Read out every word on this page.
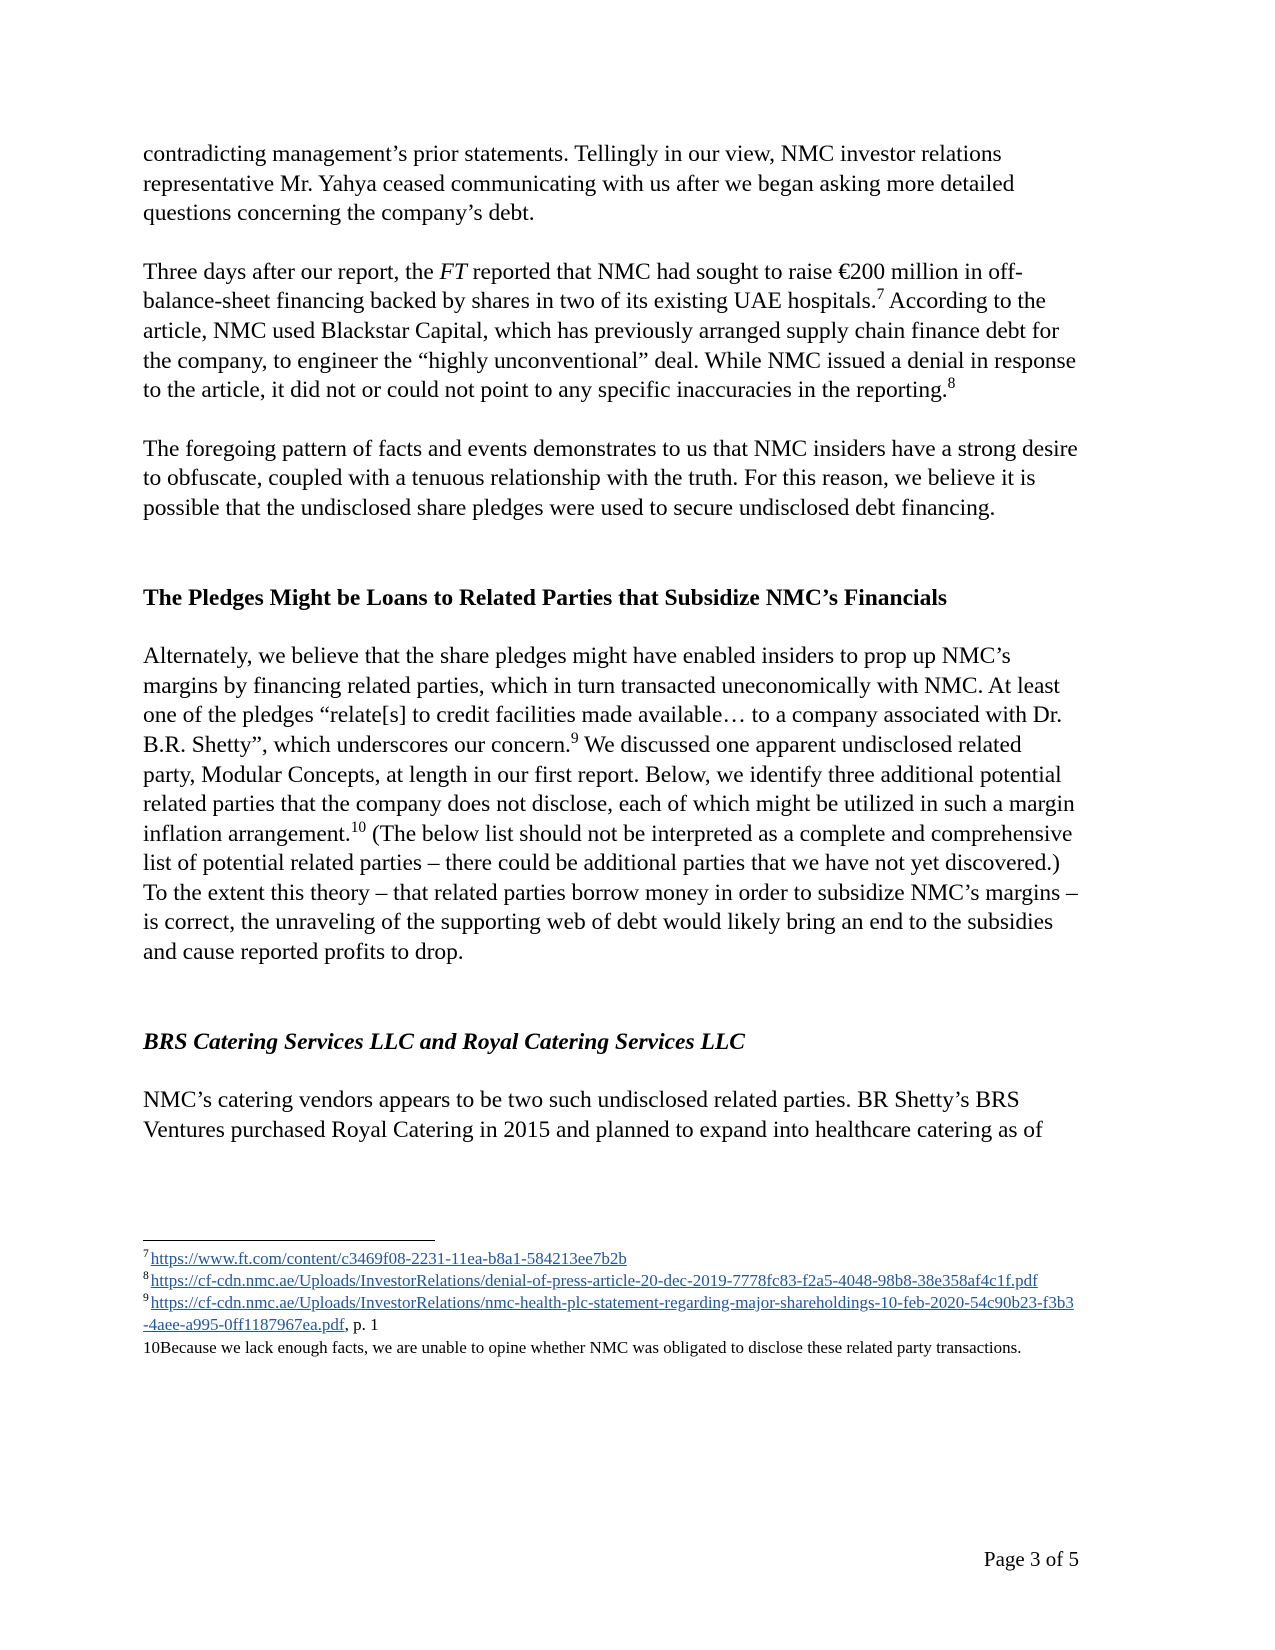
contradicting management’s prior statements. Tellingly in our view, NMC investor relations representative Mr. Yahya ceased communicating with us after we began asking more detailed questions concerning the company’s debt.

Three days after our report, the FT reported that NMC had sought to raise €200 million in off-balance-sheet financing backed by shares in two of its existing UAE hospitals.$^7$ According to the article, NMC used Blackstar Capital, which has previously arranged supply chain finance debt for the company, to engineer the “highly unconventional” deal. While NMC issued a denial in response to the article, it did not or could not point to any specific inaccuracies in the reporting.$^8$

The foregoing pattern of facts and events demonstrates to us that NMC insiders have a strong desire to obfuscate, coupled with a tenuous relationship with the truth. For this reason, we believe it is possible that the undisclosed share pledges were used to secure undisclosed debt financing.

The Pledges Might be Loans to Related Parties that Subsidize NMC’s Financials

Alternately, we believe that the share pledges might have enabled insiders to prop up NMC’s margins by financing related parties, which in turn transacted uneconomically with NMC. At least one of the pledges “relate[s] to credit facilities made available… to a company associated with Dr. B.R. Shetty”, which underscores our concern.$^9$ We discussed one apparent undisclosed related party, Modular Concepts, at length in our first report. Below, we identify three additional potential related parties that the company does not disclose, each of which might be utilized in such a margin inflation arrangement.$^{10}$ (The below list should not be interpreted as a complete and comprehensive list of potential related parties – there could be additional parties that we have not yet discovered.) To the extent this theory – that related parties borrow money in order to subsidize NMC’s margins – is correct, the unraveling of the supporting web of debt would likely bring an end to the subsidies and cause reported profits to drop.

BRS Catering Services LLC and Royal Catering Services LLC

NMC’s catering vendors appears to be two such undisclosed related parties. BR Shetty’s BRS Ventures purchased Royal Catering in 2015 and planned to expand into healthcare catering as of

$^7$ https://www.ft.com/content/c3469f08-2231-11ea-b8a1-584213ee7b2b

$^8$ https://cf-cdn.nmc.ae/Uploads/InvestorRelations/denial-of-press-article-20-dec-2019-7778fc83-f2a5-4048-98b8-38e358af4c1f.pdf

$^9$ https://cf-cdn.nmc.ae/Uploads/InvestorRelations/nmc-health-plc-statement-regarding-major-shareholdings-10-feb-2020-54c90b23-f3b3-4aee-a995-0ff1187967ea.pdf, p. 1

10Because we lack enough facts, we are unable to opine whether NMC was obligated to disclose these related party transactions.

Page 3 of 5
